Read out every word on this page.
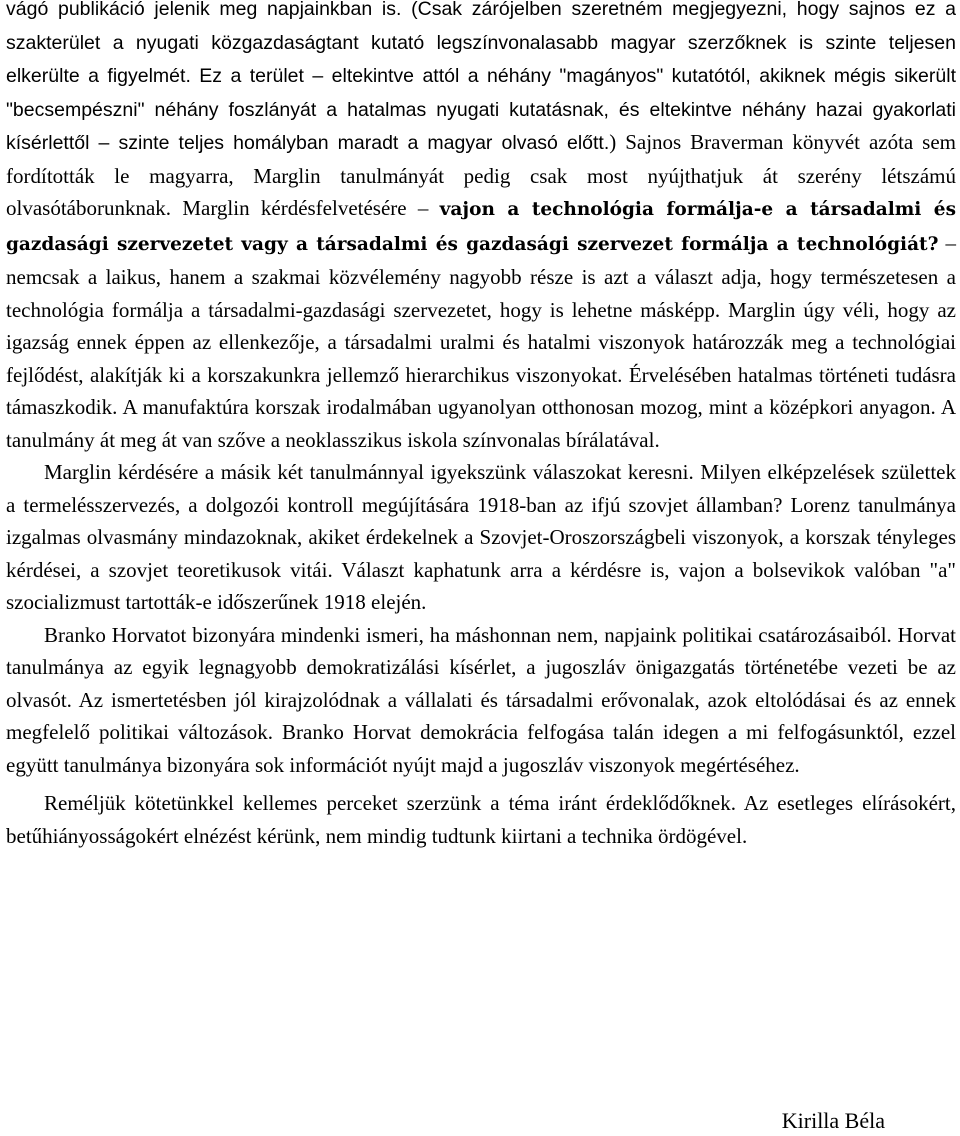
vágó publikáció jelenik meg napjainkban is. (Csak zárójelben szeretném megjegyezni, hogy sajnos ez a szakterület a nyugati közgazdaságtant kutató legszínvonalasabb magyar szerzőknek is szinte teljesen elkerülte a figyelmét. Ez a terület – eltekintve attól a néhány "magányos" kutatótól, akiknek mégis sikerült "becsempészni" néhány foszlányát a hatalmas nyugati kutatásnak, és eltekintve néhány hazai gyakorlati kísérlettől – szinte teljes homályban maradt a magyar olvasó előtt.) Sajnos Braverman könyvét azóta sem fordították le magyarra, Marglin tanulmányát pedig csak most nyújthatjuk át szerény létszámú olvasótáborunknak. Marglin kérdésfelvetésére – vajon a technológia formálja-e a társadalmi és gazdasági szervezetet vagy a társadalmi és gazdasági szervezet formálja a technológiát? – nemcsak a laikus, hanem a szakmai közvélemény nagyobb része is azt a választ adja, hogy természetesen a technológia formálja a társadalmi-gazdasági szervezetet, hogy is lehetne másképp. Marglin úgy véli, hogy az igazság ennek éppen az ellenkezője, a társadalmi uralmi és hatalmi viszonyok határozzák meg a technológiai fejlődést, alakítják ki a korszakunkra jellemző hierarchikus viszonyokat. Érvelésében hatalmas történeti tudásra támaszkodik. A manufaktúra korszak irodalmában ugyanolyan otthonosan mozog, mint a középkori anyagon. A tanulmány át meg át van szőve a neoklasszikus iskola színvonalas bírálatával.

Marglin kérdésére a másik két tanulmánnyal igyekszünk válaszokat keresni. Milyen elképzelések születtek a termelésszervezés, a dolgozói kontroll megújítására 1918-ban az ifjú szovjet államban? Lorenz tanulmánya izgalmas olvasmány mindazoknak, akiket érdekelnek a Szovjet-Oroszországbeli viszonyok, a korszak tényleges kérdései, a szovjet teoretikusok vitái. Választ kaphatunk arra a kérdésre is, vajon a bolsevikok valóban "a" szocializmust tartották-e időszerűnek 1918 elején.

Branko Horvatot bizonyára mindenki ismeri, ha máshonnan nem, napjaink politikai csatározásaiból. Horvat tanulmánya az egyik legnagyobb demokratizálási kísérlet, a jugoszláv önigazgatás történetébe vezeti be az olvasót. Az ismertetésben jól kirajzolódnak a vállalati és társadalmi erővonalak, azok eltolódásai és az ennek megfelelő politikai változások. Branko Horvat demokrácia felfogása talán idegen a mi felfogásunktól, ezzel együtt tanulmánya bizonyára sok információt nyújt majd a jugoszláv viszonyok megértéséhez.

Reméljük kötetünkkel kellemes perceket szerzünk a téma iránt érdeklődőknek. Az esetleges elírásokért, betűhiányosságokért elnézést kérünk, nem mindig tudtunk kiirtani a technika ördögével.

Kirilla Béla
